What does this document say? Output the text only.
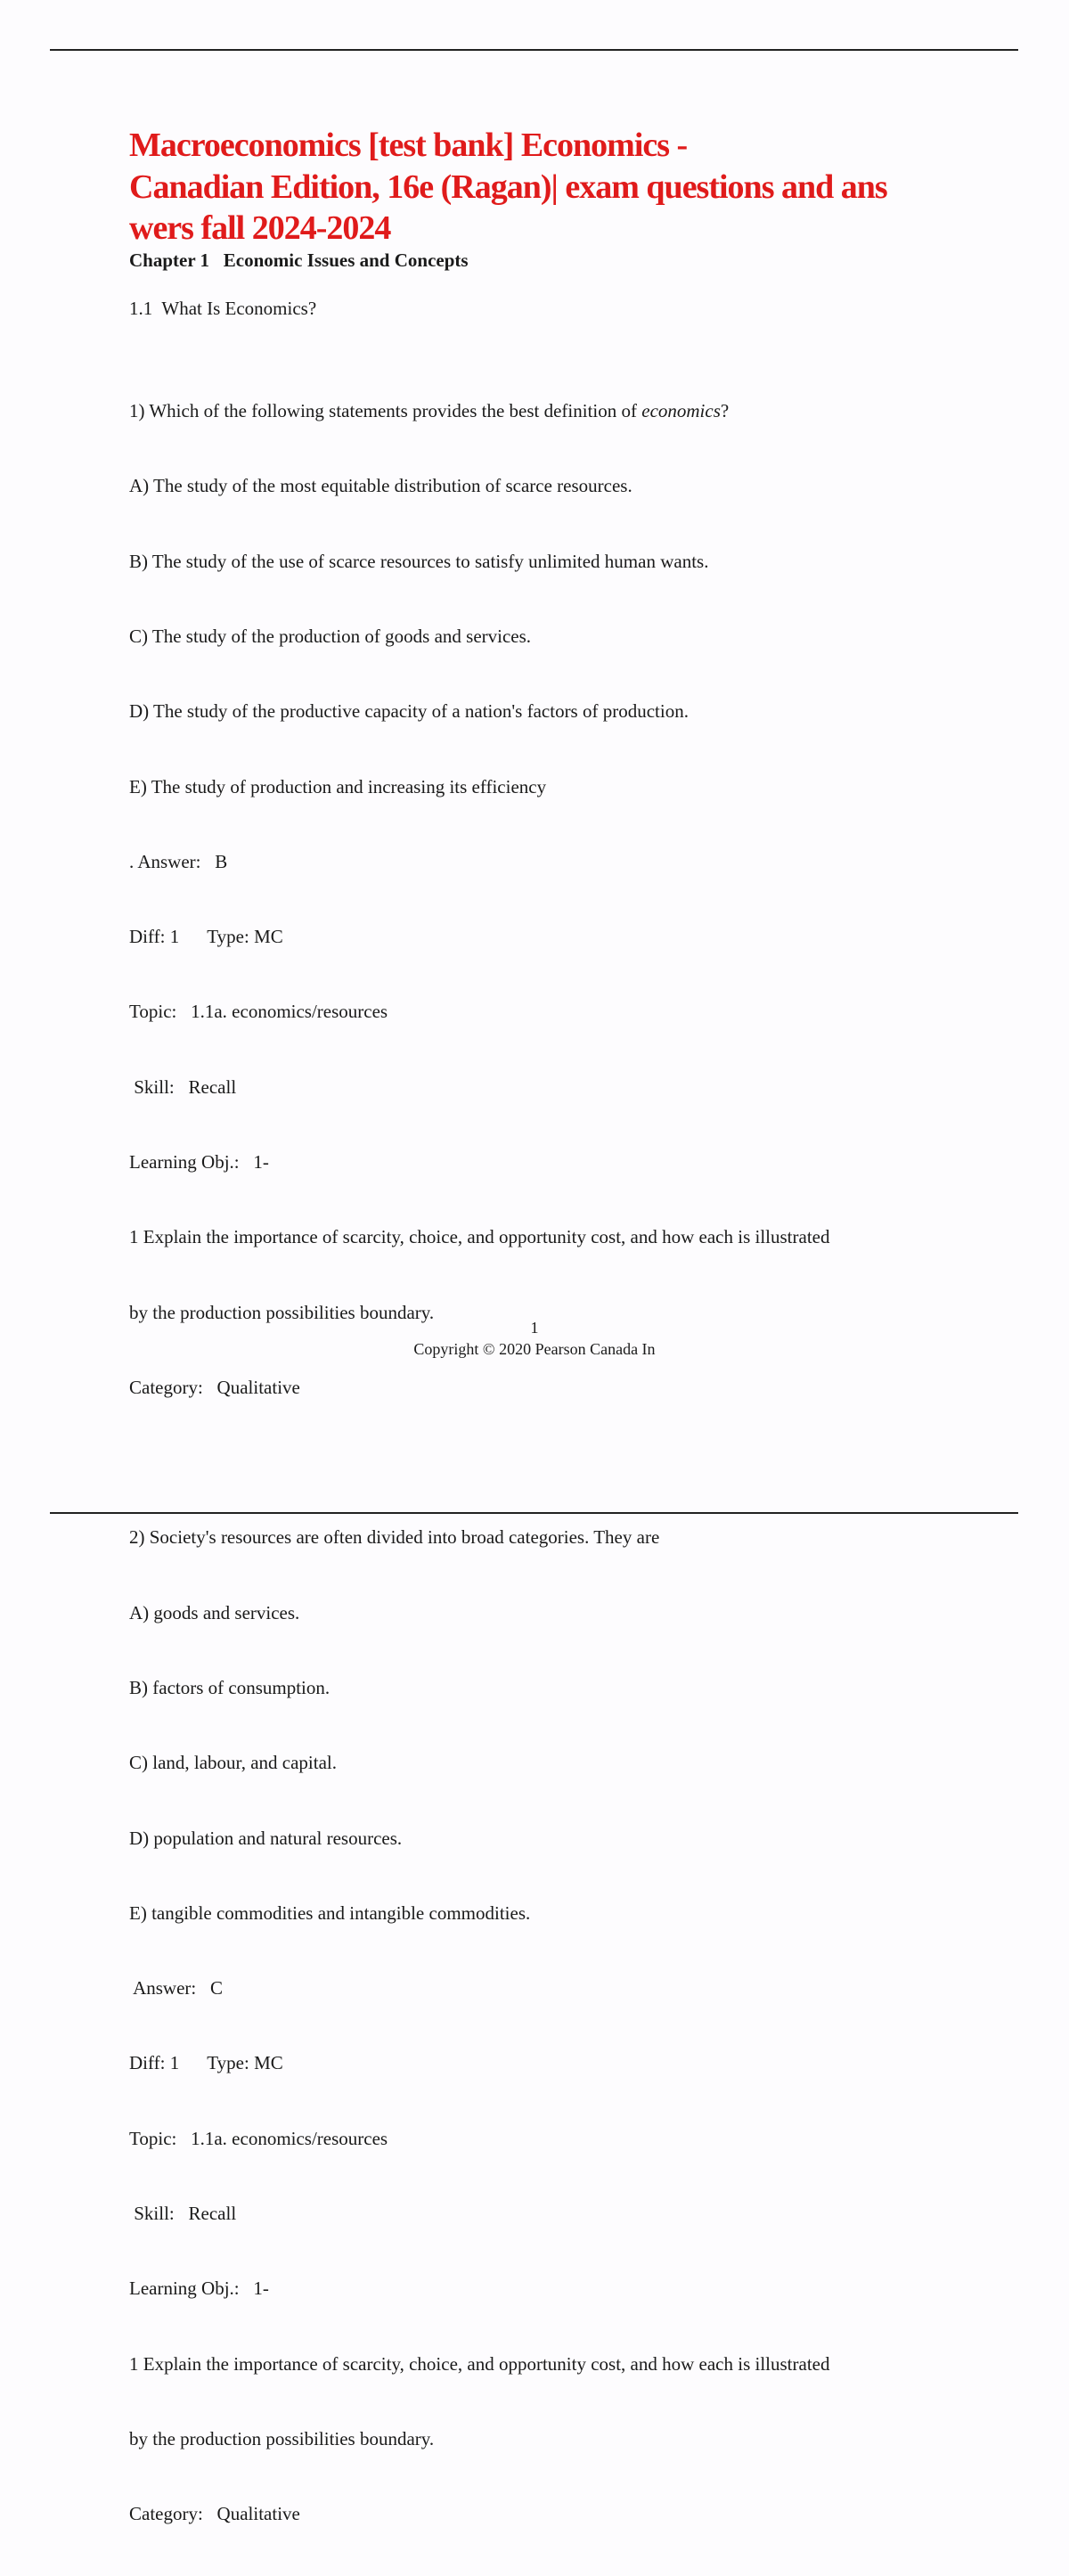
Macroeconomics [test bank] Economics -
Canadian Edition, 16e (Ragan)| exam questions and ans
wers fall 2024-2024
Chapter 1   Economic Issues and Concepts
1.1  What Is Economics?

1) Which of the following statements provides the best definition of economics?

A) The study of the most equitable distribution of scarce resources.

B) The study of the use of scarce resources to satisfy unlimited human wants.

C) The study of the production of goods and services.

D) The study of the productive capacity of a nation's factors of production.

E) The study of production and increasing its efficiency

. Answer:   B

Diff: 1      Type: MC

Topic:   1.1a. economics/resources

Skill:   Recall

Learning Obj.:   1-

1 Explain the importance of scarcity, choice, and opportunity cost, and how each is illustrated

by the production possibilities boundary.

Category:   Qualitative

2) Society's resources are often divided into broad categories. They are

A) goods and services.

B) factors of consumption.

C) land, labour, and capital.

D) population and natural resources.

E) tangible commodities and intangible commodities.

Answer:   C

Diff: 1      Type: MC

Topic:   1.1a. economics/resources

Skill:   Recall

Learning Obj.:   1-

1 Explain the importance of scarcity, choice, and opportunity cost, and how each is illustrated

by the production possibilities boundary.

Category:   Qualitative

1
Copyright © 2020 Pearson Canada In
